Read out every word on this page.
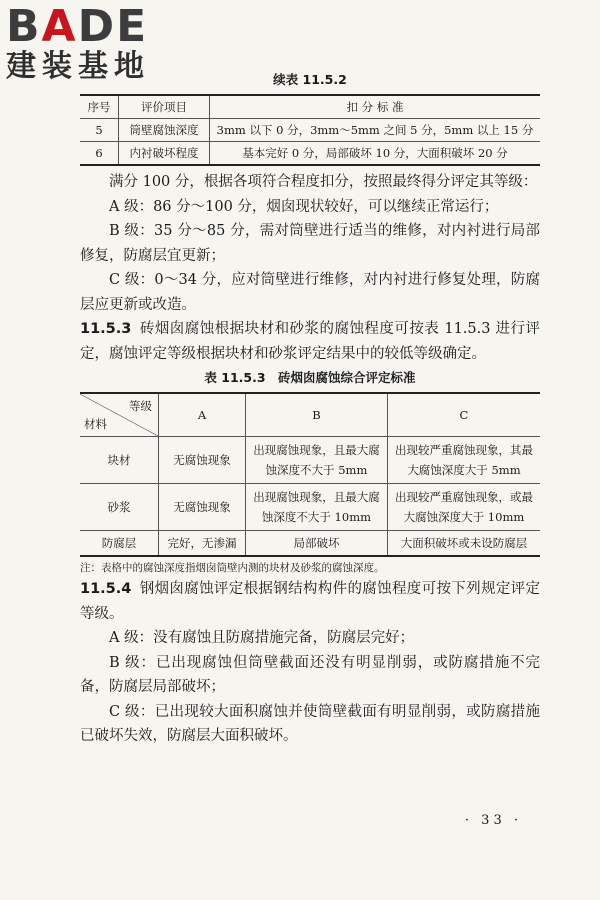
BADE
建装基地	续表 11.5.2
序号	评价项目	扣 分 标 准
5	筒壁腐蚀深度	3mm 以下 0 分，3mm～5mm 之间 5 分，5mm 以上 15 分
6	内衬破坏程度	基本完好 0 分，局部破坏 10 分，大面积破坏 20 分
满分 100 分，根据各项符合程度扣分，按照最终得分评定其等级：
A 级：86 分～100 分，烟囱现状较好，可以继续正常运行；
B 级：35 分～85 分，需对筒壁进行适当的维修，对内衬进行局部修复，防腐层宜更新；
C 级：0～34 分，应对筒壁进行维修，对内衬进行修复处理，防腐层应更新或改造。
11.5.3 砖烟囱腐蚀根据块材和砂浆的腐蚀程度可按表 11.5.3 进行评定，腐蚀评定等级根据块材和砂浆评定结果中的较低等级确定。
表 11.5.3　砖烟囱腐蚀综合评定标准
等级
材料	A	B	C
块材	无腐蚀现象	出现腐蚀现象，且最大腐蚀深度不大于 5mm	出现较严重腐蚀现象，其最大腐蚀深度大于 5mm
砂浆	无腐蚀现象	出现腐蚀现象，且最大腐蚀深度不大于 10mm	出现较严重腐蚀现象，或最大腐蚀深度大于 10mm
防腐层	完好，无渗漏	局部破坏	大面积破坏或未设防腐层
注：表格中的腐蚀深度指烟囱筒壁内测的块材及砂浆的腐蚀深度。
11.5.4 钢烟囱腐蚀评定根据钢结构构件的腐蚀程度可按下列规定评定等级。
A 级：没有腐蚀且防腐措施完备，防腐层完好；
B 级：已出现腐蚀但筒壁截面还没有明显削弱，或防腐措施不完备，防腐层局部破坏；
C 级：已出现较大面积腐蚀并使筒壁截面有明显削弱，或防腐措施已破坏失效，防腐层大面积破坏。
· 33 ·
